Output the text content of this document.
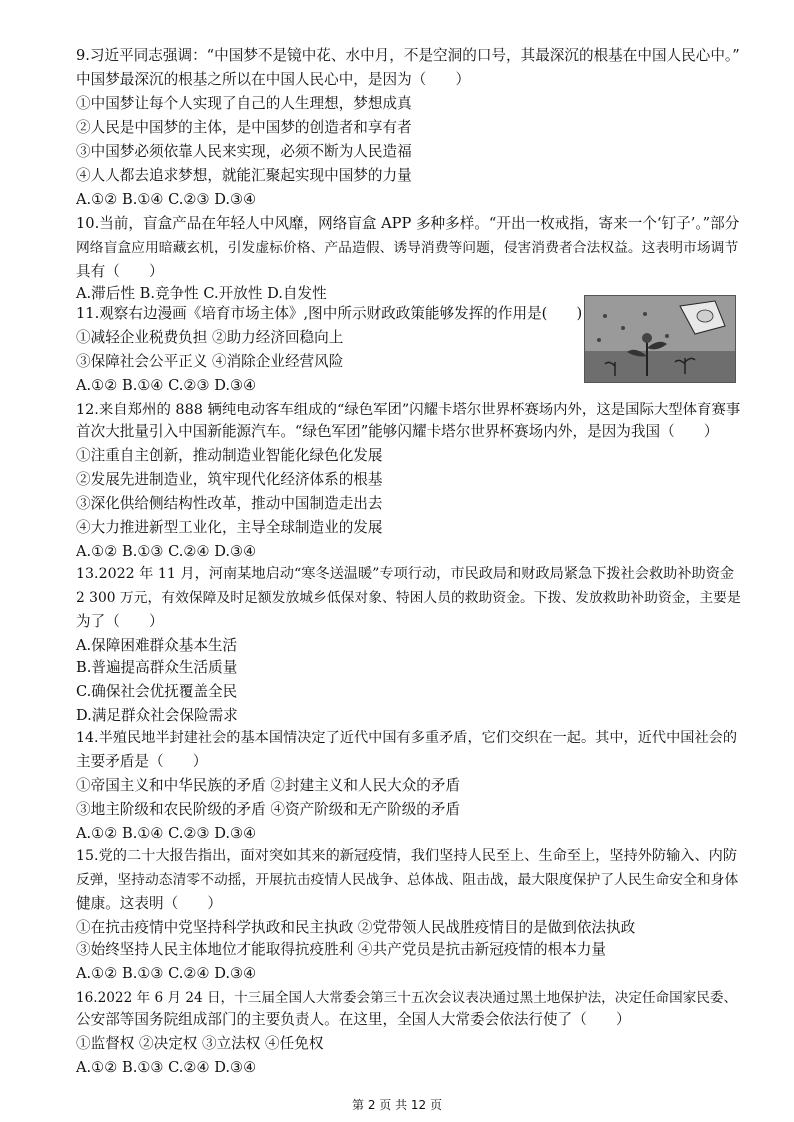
9.习近平同志强调：“中国梦不是镜中花、水中月，不是空洞的口号，其最深沉的根基在中国人民心中。”
中国梦最深沉的根基之所以在中国人民心中，是因为（　　）
①中国梦让每个人实现了自己的人生理想，梦想成真
②人民是中国梦的主体，是中国梦的创造者和享有者
③中国梦必须依靠人民来实现，必须不断为人民造福
④人人都去追求梦想，就能汇聚起实现中国梦的力量
A.①② B.①④ C.②③ D.③④
10.当前，盲盒产品在年轻人中风靡，网络盲盒 APP 多种多样。“开出一枚戒指，寄来一个‘钉子’。”部分
网络盲盒应用暗藏玄机，引发虚标价格、产品造假、诱导消费等问题，侵害消费者合法权益。这表明市场调节
具有（　　）
A.滞后性 B.竞争性 C.开放性 D.自发性
11.观察右边漫画《培育市场主体》,图中所示财政政策能够发挥的作用是(　　)
①减轻企业税费负担 ②助力经济回稳向上
③保障社会公平正义 ④消除企业经营风险
A.①② B.①④ C.②③ D.③④
12.来自郑州的 888 辆纯电动客车组成的“绿色军团”闪耀卡塔尔世界杯赛场内外，这是国际大型体育赛事
首次大批量引入中国新能源汽车。“绿色军团”能够闪耀卡塔尔世界杯赛场内外，是因为我国（　　）
①注重自主创新，推动制造业智能化绿色化发展
②发展先进制造业，筑牢现代化经济体系的根基
③深化供给侧结构性改革，推动中国制造走出去
④大力推进新型工业化，主导全球制造业的发展
A.①② B.①③ C.②④ D.③④
13.2022 年 11 月，河南某地启动“寒冬送温暖”专项行动，市民政局和财政局紧急下拨社会救助补助资金
2 300 万元，有效保障及时足额发放城乡低保对象、特困人员的救助资金。下拨、发放救助补助资金，主要是
为了（　　）
A.保障困难群众基本生活
B.普遍提高群众生活质量
C.确保社会优抚覆盖全民
D.满足群众社会保险需求
14.半殖民地半封建社会的基本国情决定了近代中国有多重矛盾，它们交织在一起。其中，近代中国社会的
主要矛盾是（　　）
①帝国主义和中华民族的矛盾 ②封建主义和人民大众的矛盾
③地主阶级和农民阶级的矛盾 ④资产阶级和无产阶级的矛盾
A.①② B.①④ C.②③ D.③④
15.党的二十大报告指出，面对突如其来的新冠疫情，我们坚持人民至上、生命至上，坚持外防输入、内防
反弹，坚持动态清零不动摇，开展抗击疫情人民战争、总体战、阻击战，最大限度保护了人民生命安全和身体
健康。这表明（　　）
①在抗击疫情中党坚持科学执政和民主执政 ②党带领人民战胜疫情目的是做到依法执政
③始终坚持人民主体地位才能取得抗疫胜利 ④共产党员是抗击新冠疫情的根本力量
A.①② B.①③ C.②④ D.③④
16.2022 年 6 月 24 日，十三届全国人大常委会第三十五次会议表决通过黑土地保护法，决定任命国家民委、
公安部等国务院组成部门的主要负责人。在这里，全国人大常委会依法行使了（　　）
①监督权 ②决定权 ③立法权 ④任免权
A.①② B.①③ C.②④ D.③④
第 2 页 共 12 页
